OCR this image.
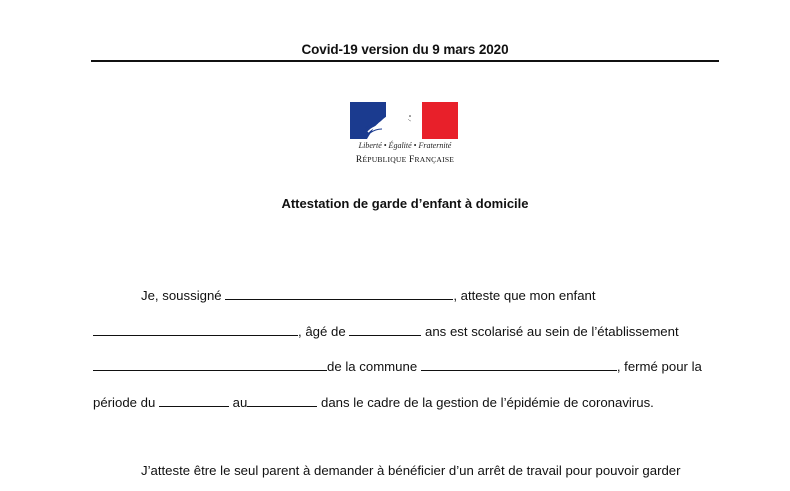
Covid-19 version du 9 mars 2020
Liberté • Égalité • Fraternité
RÉPUBLIQUE FRANÇAISE
Attestation de garde d’enfant à domicile
Je, soussigné	, atteste que mon enfant
, âgé de	ans est scolarisé au sein de l’établissement
de la commune	, fermé pour la
période du	au	dans le cadre de la gestion de l’épidémie de coronavirus.
J’atteste être le seul parent à demander à bénéficier d’un arrêt de travail pour pouvoir garder
